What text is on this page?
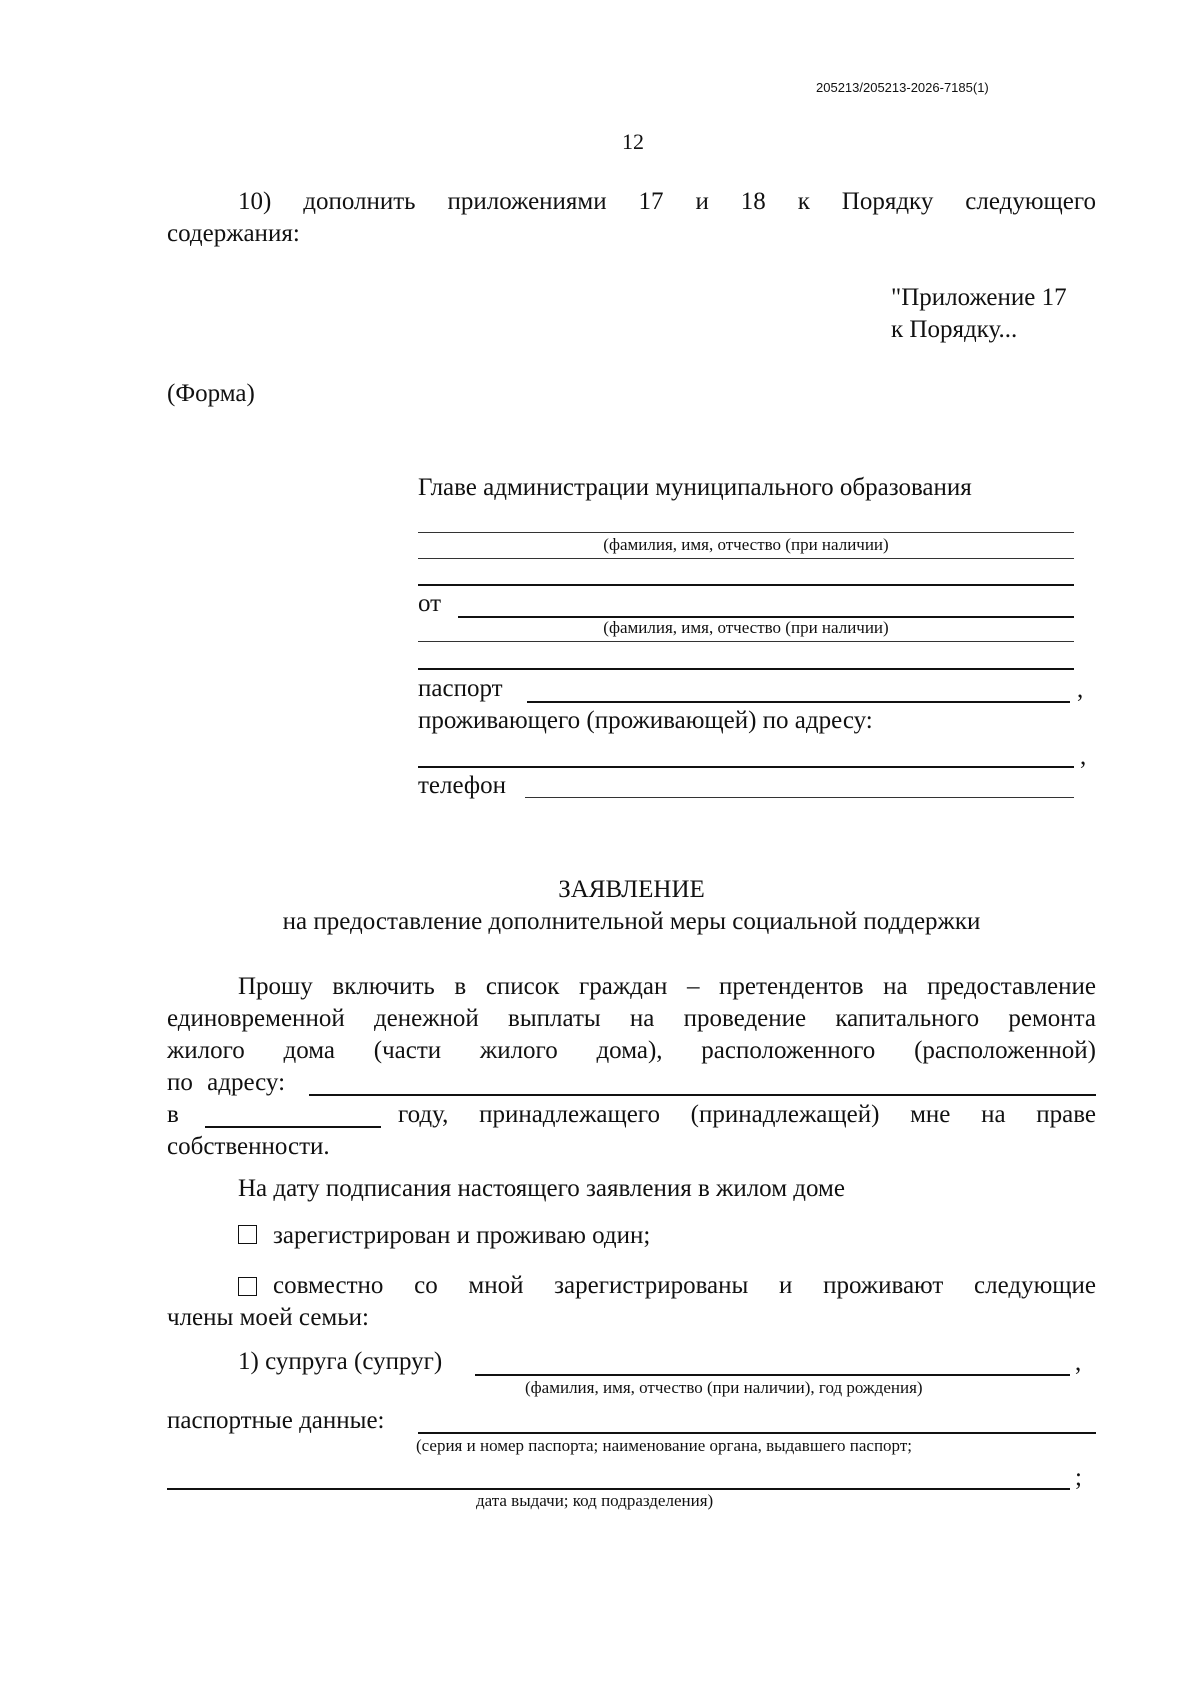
205213/205213-2026-7185(1)
12
10) дополнить приложениями 17 и 18 к Порядку следующего
содержания:
"Приложение 17
к Порядку...
(Форма)
Главе администрации муниципального образования
(фамилия, имя, отчество (при наличии)
от
(фамилия, имя, отчество (при наличии)
паспорт	,
проживающего (проживающей) по адресу:
,
телефон
ЗАЯВЛЕНИЕ
на предоставление дополнительной меры социальной поддержки
Прошу включить в список граждан – претендентов на предоставление
единовременной денежной выплаты на проведение капитального ремонта
жилого дома (части жилого дома), расположенного (расположенной)
по адресу:
в	году, принадлежащего (принадлежащей) мне на праве
собственности.
На дату подписания настоящего заявления в жилом доме
зарегистрирован и проживаю один;
совместно со мной зарегистрированы и проживают следующие
члены моей семьи:
1) супруга (супруг)	,
(фамилия, имя, отчество (при наличии), год рождения)
паспортные данные:
(серия и номер паспорта; наименование органа, выдавшего паспорт;
;
дата выдачи; код подразделения)
